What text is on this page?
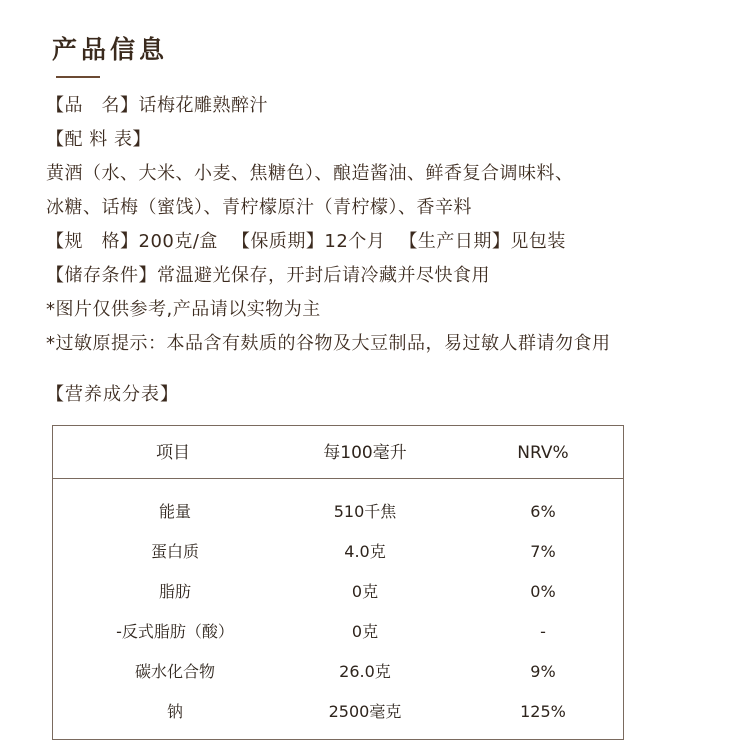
产品信息
【品　名】话梅花雕熟醉汁
【配 料 表】
黄酒（水、大米、小麦、焦糖色）、酿造酱油、鲜香复合调味料、
冰糖、话梅（蜜饯）、青柠檬原汁（青柠檬）、香辛料
【规　格】200克/盒 【保质期】12个月 【生产日期】见包装
【储存条件】常温避光保存，开封后请冷藏并尽快食用
*图片仅供参考,产品请以实物为主
*过敏原提示：本品含有麸质的谷物及大豆制品，易过敏人群请勿食用
【营养成分表】
项目	每100毫升	NRV%
能量	510千焦	6%
蛋白质	4.0克	7%
脂肪	0克	0%
-反式脂肪（酸）	0克	-
碳水化合物	26.0克	9%
钠	2500毫克	125%
